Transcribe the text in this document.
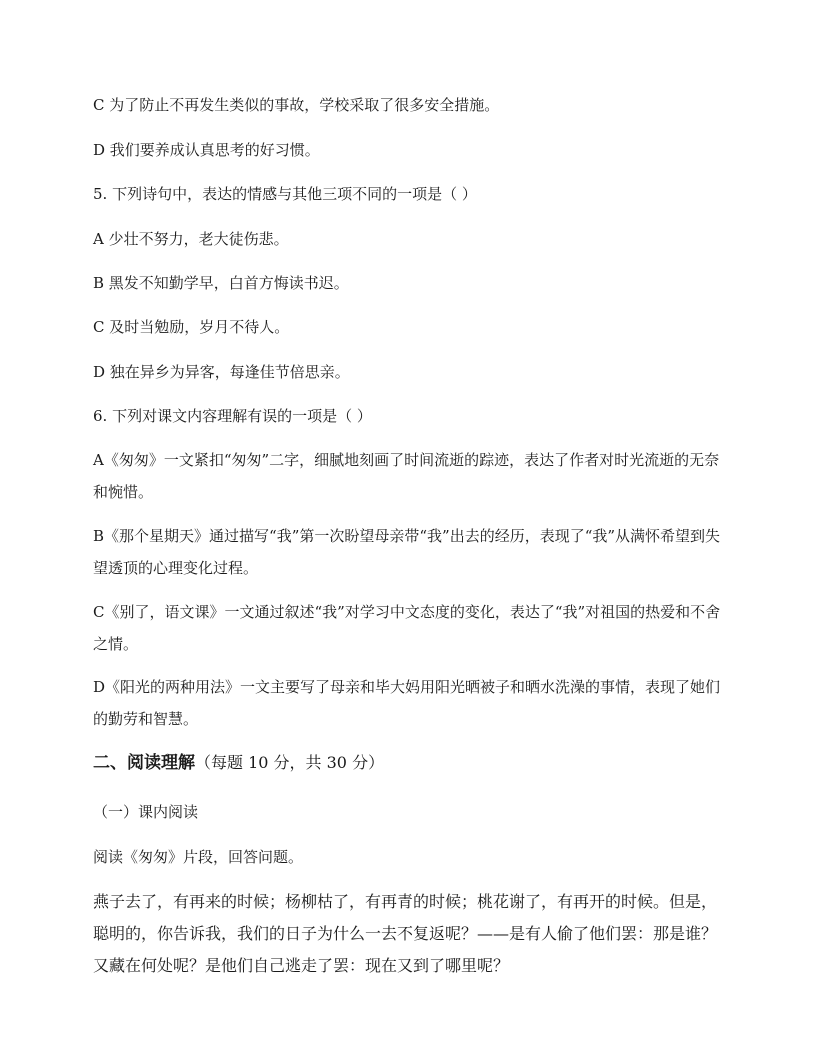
C 为了防止不再发生类似的事故，学校采取了很多安全措施。
D 我们要养成认真思考的好习惯。
5. 下列诗句中，表达的情感与其他三项不同的一项是（ ）
A 少壮不努力，老大徒伤悲。
B 黑发不知勤学早，白首方悔读书迟。
C 及时当勉励，岁月不待人。
D 独在异乡为异客，每逢佳节倍思亲。
6. 下列对课文内容理解有误的一项是（ ）
A《匆匆》一文紧扣“匆匆”二字，细腻地刻画了时间流逝的踪迹，表达了作者对时光流逝的无奈和惋惜。
B《那个星期天》通过描写“我”第一次盼望母亲带“我”出去的经历，表现了“我”从满怀希望到失望透顶的心理变化过程。
C《别了，语文课》一文通过叙述“我”对学习中文态度的变化，表达了“我”对祖国的热爱和不舍之情。
D《阳光的两种用法》一文主要写了母亲和毕大妈用阳光晒被子和晒水洗澡的事情，表现了她们的勤劳和智慧。
二、阅读理解（每题 10 分，共 30 分）
（一）课内阅读
阅读《匆匆》片段，回答问题。
燕子去了，有再来的时候；杨柳枯了，有再青的时候；桃花谢了，有再开的时候。但是，聪明的，你告诉我，我们的日子为什么一去不复返呢？——是有人偷了他们罢：那是谁？又藏在何处呢？是他们自己逃走了罢：现在又到了哪里呢？
